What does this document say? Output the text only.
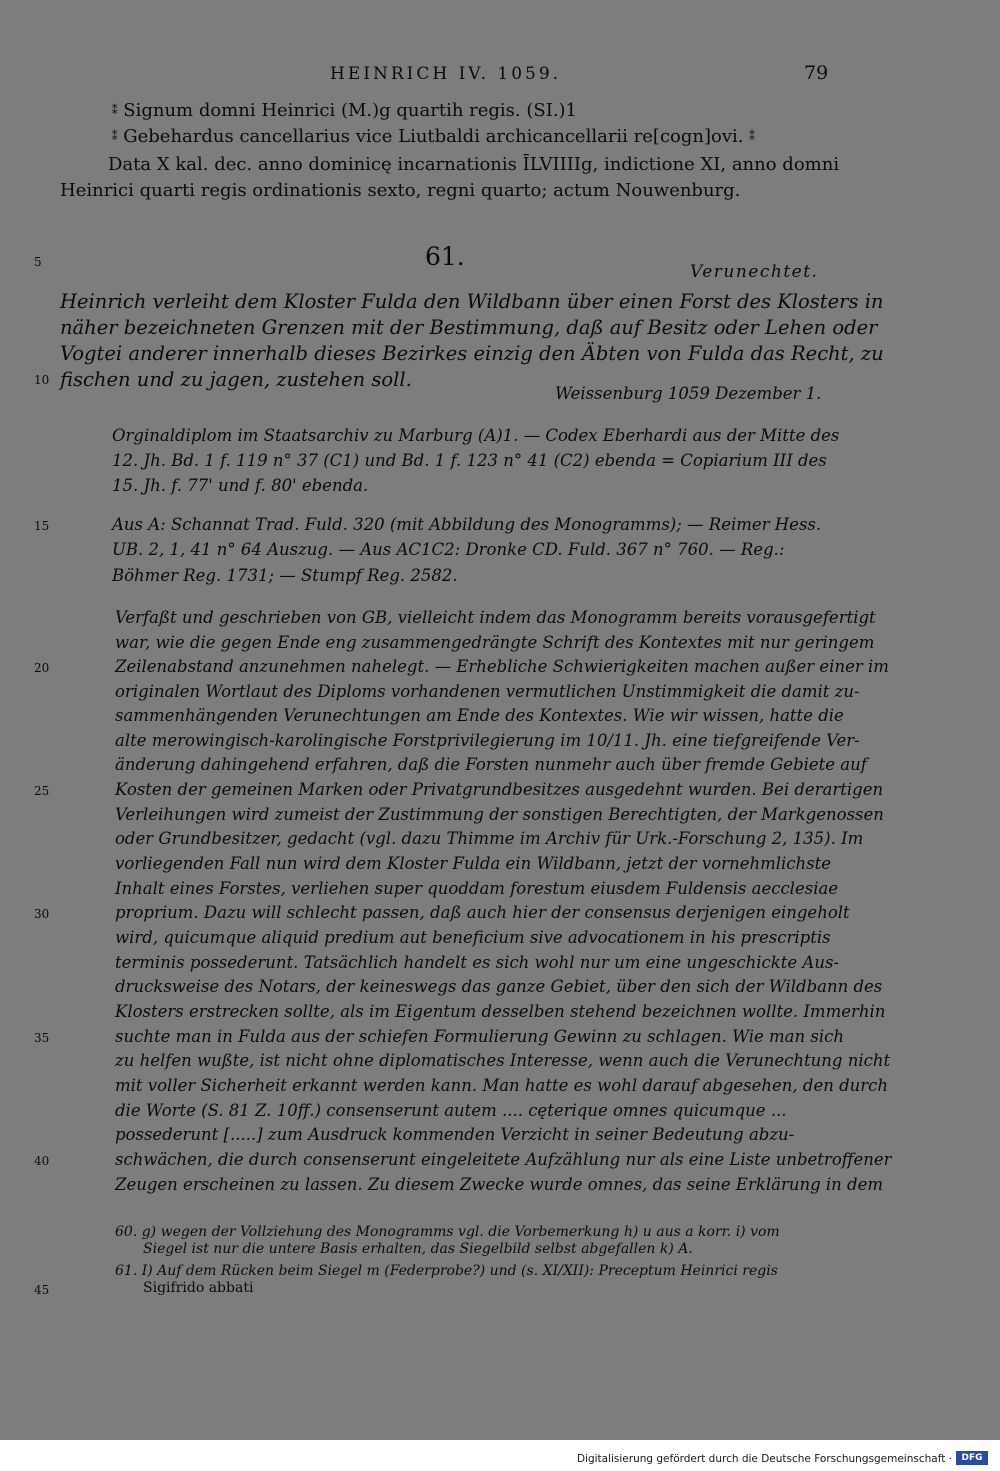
HEINRICH IV. 1059.	79
⁑ Signum domni Heinrici (M.)g quartih regis. (SI.)1
⁑ Gebehardus cancellarius vice Liutbaldi archicancellarii re[cogn]ovi. ⁑
Data X kal. dec. anno dominicę incarnationis ĪLVIIIIg, indictione XI, anno domni
Heinrici quarti regis ordinationis sexto, regni quarto; actum Nouwenburg.
5	61.
Verunechtet.
Heinrich verleiht dem Kloster Fulda den Wildbann über einen Forst des Klosters in
näher bezeichneten Grenzen mit der Bestimmung, daß auf Besitz oder Lehen oder
Vogtei anderer innerhalb dieses Bezirkes einzig den Äbten von Fulda das Recht, zu
10 fischen und zu jagen, zustehen soll.
Weissenburg 1059 Dezember 1.
Orginaldiplom im Staatsarchiv zu Marburg (A)1. — Codex Eberhardi aus der Mitte des
12. Jh. Bd. 1 f. 119 n° 37 (C1) und Bd. 1 f. 123 n° 41 (C2) ebenda = Copiarium III des
15. Jh. f. 77' und f. 80' ebenda.
15	Aus A: Schannat Trad. Fuld. 320 (mit Abbildung des Monogramms); — Reimer Hess.
UB. 2, 1, 41 n° 64 Auszug. — Aus AC1C2: Dronke CD. Fuld. 367 n° 760. — Reg.:
Böhmer Reg. 1731; — Stumpf Reg. 2582.
Verfaßt und geschrieben von GB, vielleicht indem das Monogramm bereits vorausgefertigt
war, wie die gegen Ende eng zusammengedrängte Schrift des Kontextes mit nur geringem
20	Zeilenabstand anzunehmen nahelegt. — Erhebliche Schwierigkeiten machen außer einer im
originalen Wortlaut des Diploms vorhandenen vermutlichen Unstimmigkeit die damit zu-
sammenhängenden Verunechtungen am Ende des Kontextes. Wie wir wissen, hatte die
alte merowingisch-karolingische Forstprivilegierung im 10/11. Jh. eine tiefgreifende Ver-
änderung dahingehend erfahren, daß die Forsten nunmehr auch über fremde Gebiete auf
25	Kosten der gemeinen Marken oder Privatgrundbesitzes ausgedehnt wurden. Bei derartigen
Verleihungen wird zumeist der Zustimmung der sonstigen Berechtigten, der Markgenossen
oder Grundbesitzer, gedacht (vgl. dazu Thimme im Archiv für Urk.-Forschung 2, 135). Im
vorliegenden Fall nun wird dem Kloster Fulda ein Wildbann, jetzt der vornehmlichste
Inhalt eines Forstes, verliehen super quoddam forestum eiusdem Fuldensis aecclesiae
30	proprium. Dazu will schlecht passen, daß auch hier der consensus derjenigen eingeholt
wird, quicumque aliquid predium aut beneficium sive advocationem in his prescriptis
terminis possederunt. Tatsächlich handelt es sich wohl nur um eine ungeschickte Aus-
drucksweise des Notars, der keineswegs das ganze Gebiet, über den sich der Wildbann des
Klosters erstrecken sollte, als im Eigentum desselben stehend bezeichnen wollte. Immerhin
35	suchte man in Fulda aus der schiefen Formulierung Gewinn zu schlagen. Wie man sich
zu helfen wußte, ist nicht ohne diplomatisches Interesse, wenn auch die Verunechtung nicht
mit voller Sicherheit erkannt werden kann. Man hatte es wohl darauf abgesehen, den durch
die Worte (S. 81 Z. 10ff.) consenserunt autem .... cęterique omnes quicumque ...
possederunt [.....] zum Ausdruck kommenden Verzicht in seiner Bedeutung abzu-
40	schwächen, die durch consenserunt eingeleitete Aufzählung nur als eine Liste unbetroffener
Zeugen erscheinen zu lassen. Zu diesem Zwecke wurde omnes, das seine Erklärung in dem
60. g) wegen der Vollziehung des Monogramms vgl. die Vorbemerkung h) u aus a korr. i) vom
Siegel ist nur die untere Basis erhalten, das Siegelbild selbst abgefallen k) A.
61. I) Auf dem Rücken beim Siegel m (Federprobe?) und (s. XI/XII): Preceptum Heinrici regis
45	Sigifrido abbati
Digitalisierung gefördert durch die Deutsche Forschungsgemeinschaft ·	DFG
